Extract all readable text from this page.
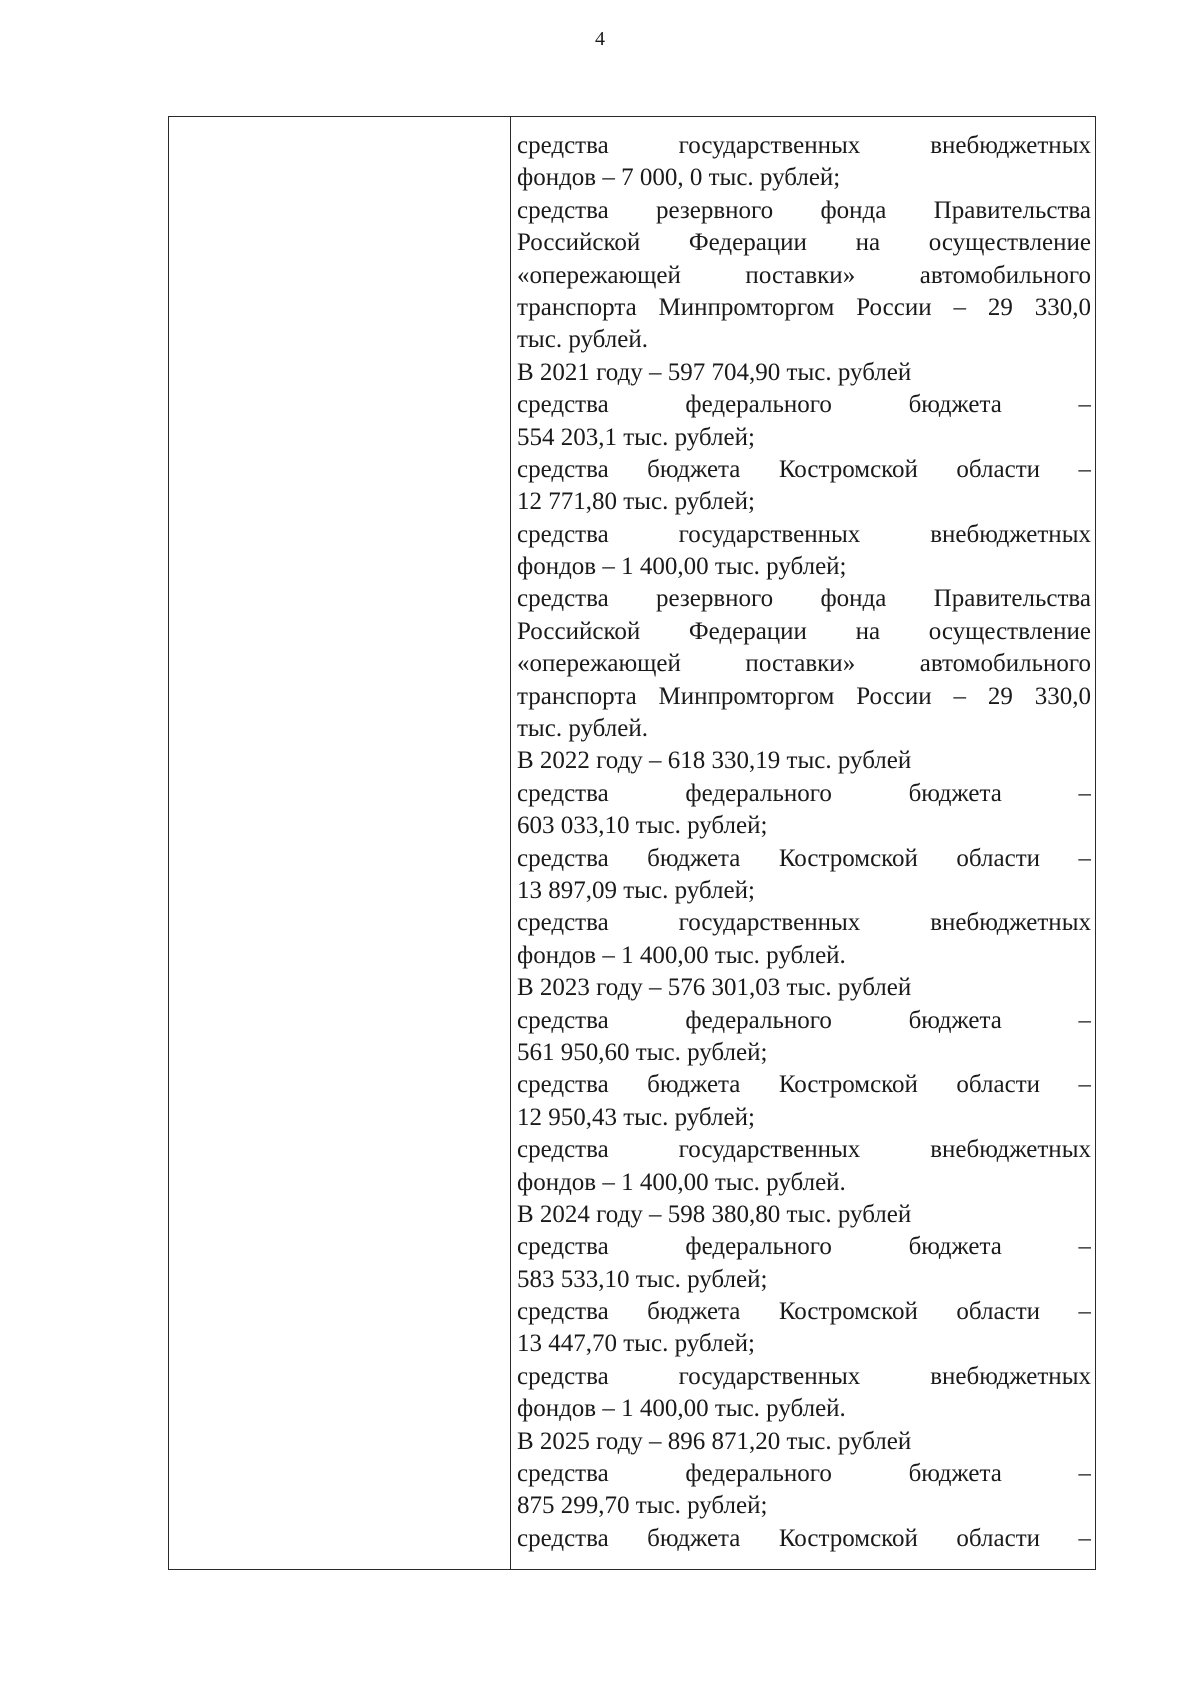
4
средства государственных внебюджетных
фондов – 7 000, 0 тыс. рублей;
средства резервного фонда Правительства
Российской Федерации на осуществление
«опережающей поставки» автомобильного
транспорта Минпромторгом России – 29 330,0
тыс. рублей.
В 2021 году – 597 704,90 тыс. рублей
средства федерального бюджета –
554 203,1 тыс. рублей;
средства бюджета Костромской области –
12 771,80 тыс. рублей;
средства государственных внебюджетных
фондов – 1 400,00 тыс. рублей;
средства резервного фонда Правительства
Российской Федерации на осуществление
«опережающей поставки» автомобильного
транспорта Минпромторгом России – 29 330,0
тыс. рублей.
В 2022 году – 618 330,19 тыс. рублей
средства федерального бюджета –
603 033,10 тыс. рублей;
средства бюджета Костромской области –
13 897,09 тыс. рублей;
средства государственных внебюджетных
фондов – 1 400,00 тыс. рублей.
В 2023 году – 576 301,03 тыс. рублей
средства федерального бюджета –
561 950,60 тыс. рублей;
средства бюджета Костромской области –
12 950,43 тыс. рублей;
средства государственных внебюджетных
фондов – 1 400,00 тыс. рублей.
В 2024 году – 598 380,80 тыс. рублей
средства федерального бюджета –
583 533,10 тыс. рублей;
средства бюджета Костромской области –
13 447,70 тыс. рублей;
средства государственных внебюджетных
фондов – 1 400,00 тыс. рублей.
В 2025 году – 896 871,20 тыс. рублей
средства федерального бюджета –
875 299,70 тыс. рублей;
средства бюджета Костромской области –
